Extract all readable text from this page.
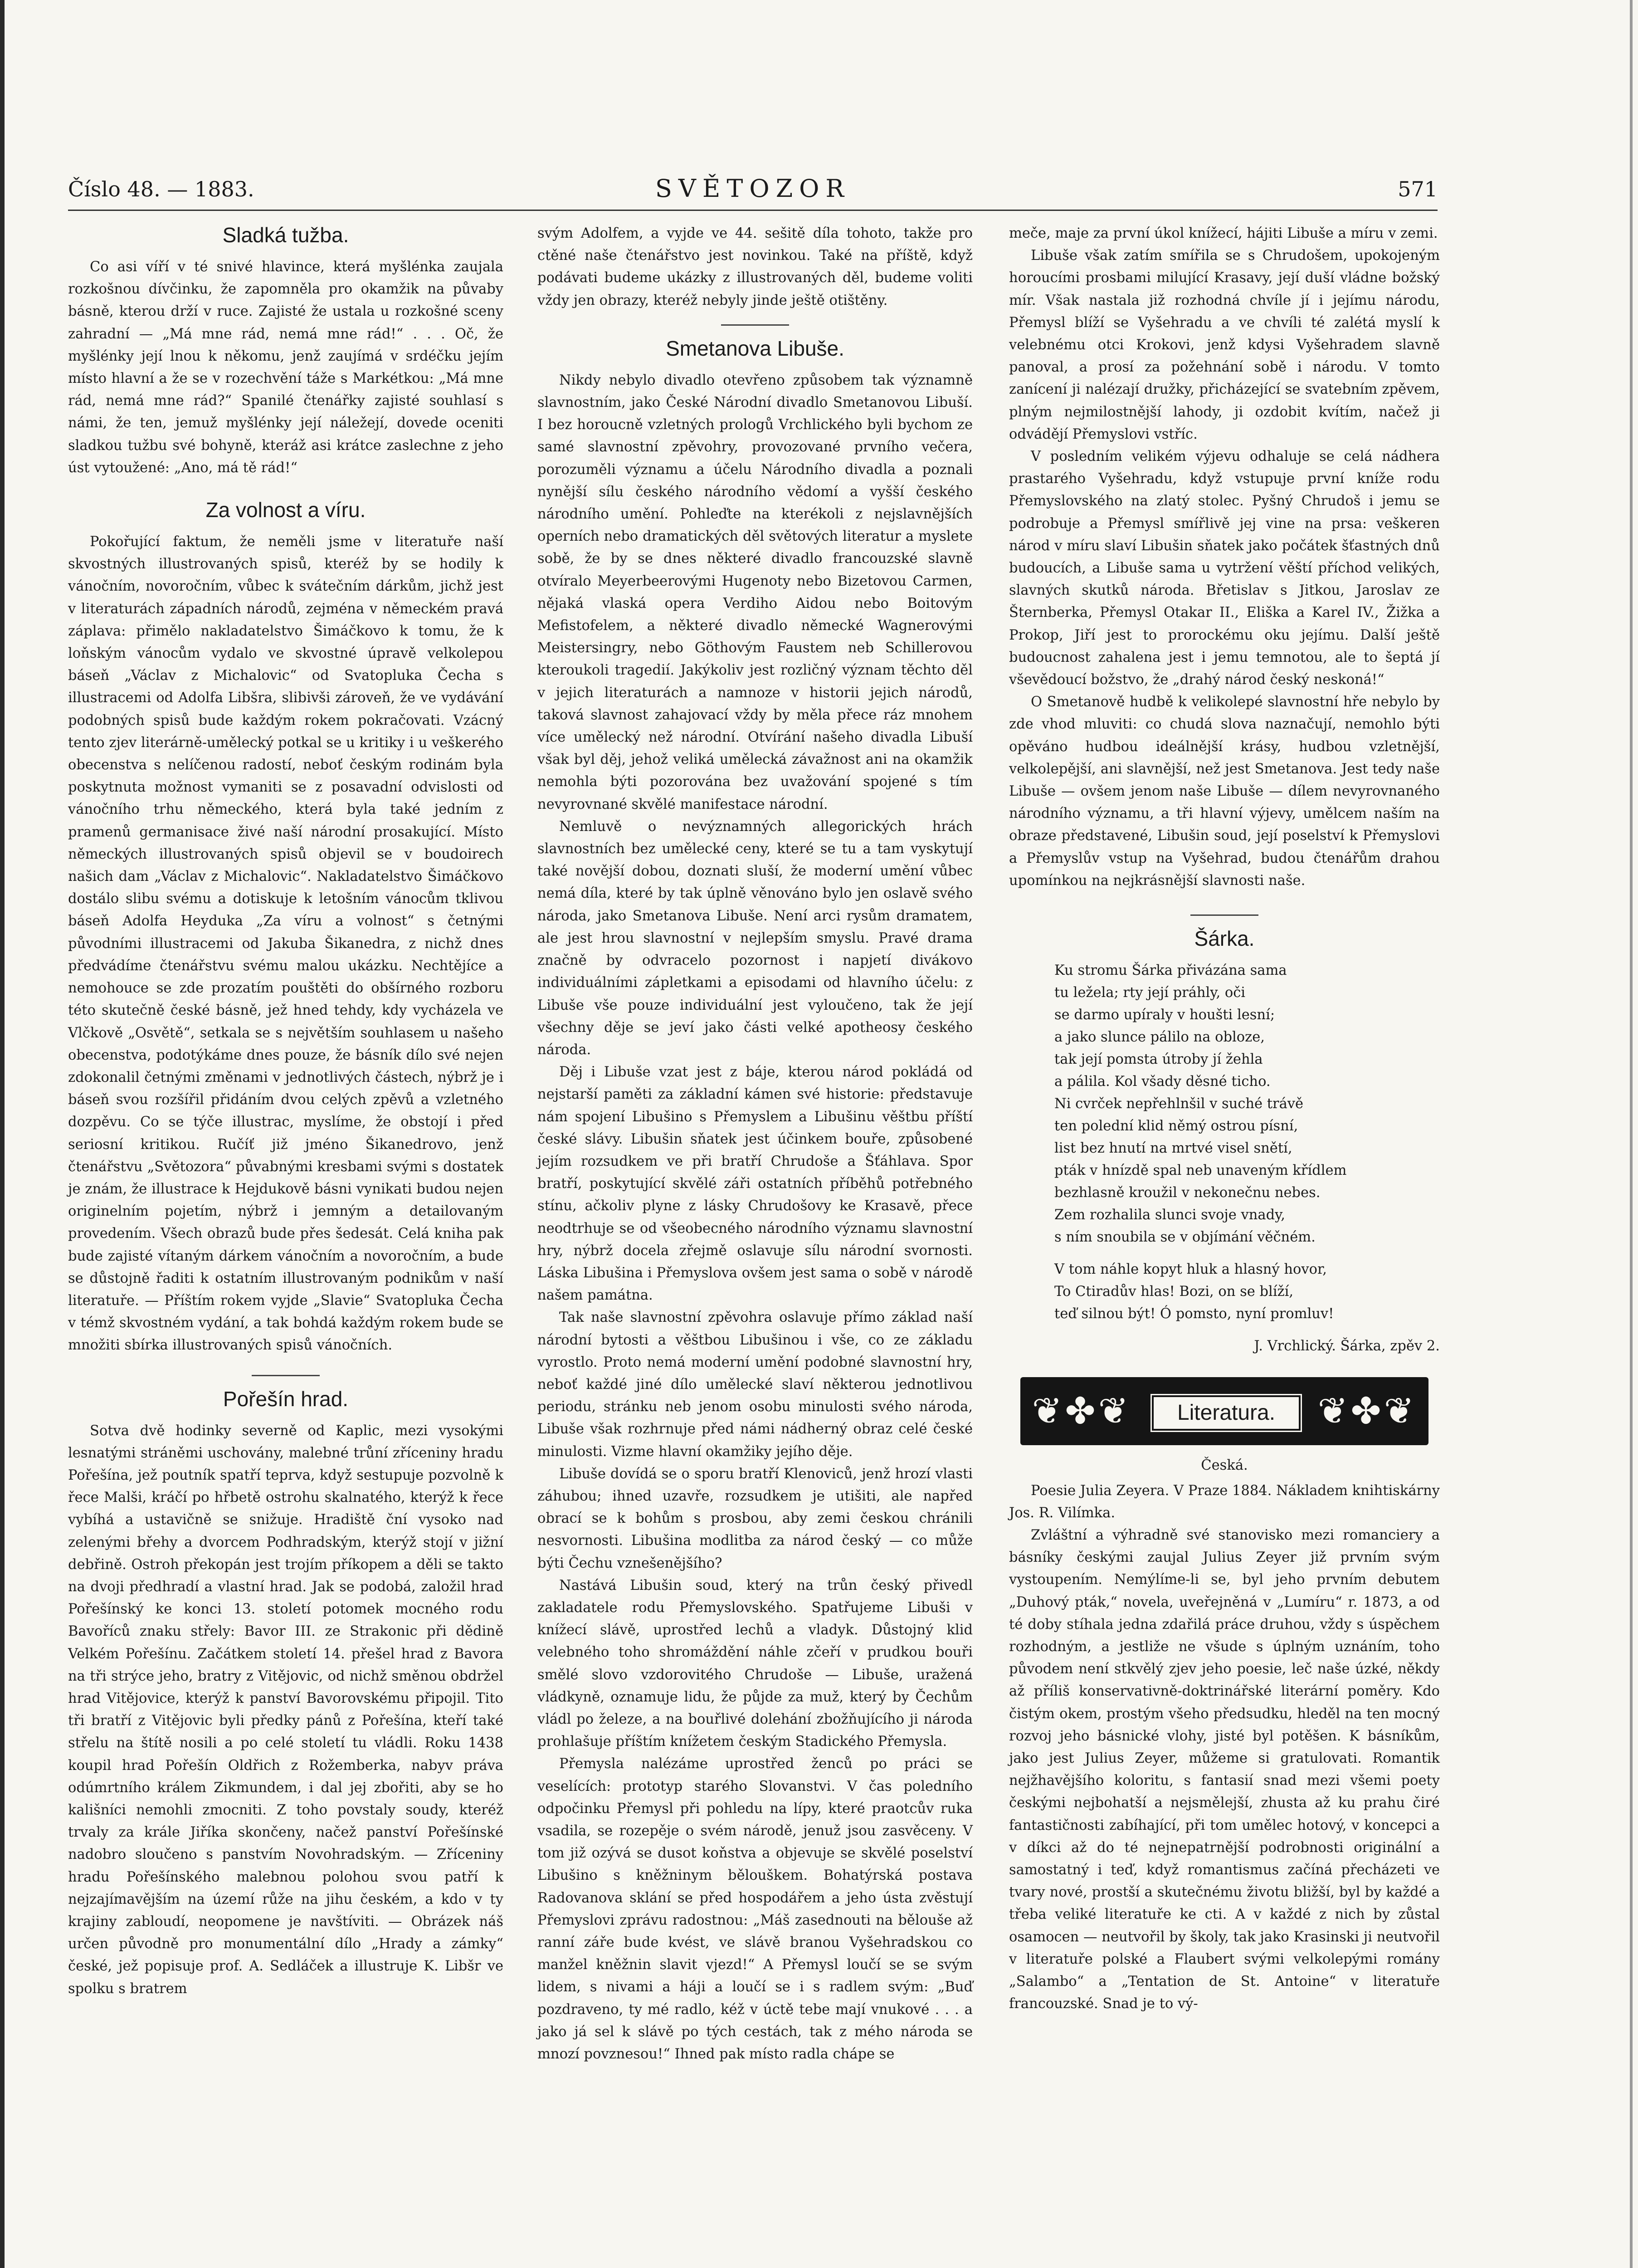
Číslo 48. — 1883.	SVĚTOZOR	571
Sladká tužba.

Co asi víří v té snivé hlavince, která myšlénka zaujala rozkošnou dívčinku, že zapomněla pro okamžik na půvaby básně, kterou drží v ruce. Zajisté že ustala u rozkošné sceny zahradní — „Má mne rád, nemá mne rád!“ . . . Oč, že myšlénky její lnou k někomu, jenž zaujímá v srdéčku jejím místo hlavní a že se v rozechvění táže s Markétkou: „Má mne rád, nemá mne rád?“ Spanilé čtenářky zajisté souhlasí s námi, že ten, jemuž myšlénky její náležejí, dovede oceniti sladkou tužbu své bohyně, kteráž asi krátce zaslechne z jeho úst vytoužené: „Ano, má tě rád!“

Za volnost a víru.

Pokořující faktum, že neměli jsme v literatuře naší skvostných illustrovaných spisů, kteréž by se hodily k vánočním, novoročním, vůbec k svátečním dárkům, jichž jest v literaturách západních národů, zejména v německém pravá záplava: přimělo nakladatelstvo Šimáčkovo k tomu, že k loňským vánocům vydalo ve skvostné úpravě velkolepou báseň „Václav z Michalovic“ od Svatopluka Čecha s illustracemi od Adolfa Libšra, slibivši zároveň, že ve vydávání podobných spisů bude každým rokem pokračovati. Vzácný tento zjev literárně-umělecký potkal se u kritiky i u veškerého obecenstva s nelíčenou radostí, neboť českým rodinám byla poskytnuta možnost vymaniti se z posavadní odvislosti od vánočního trhu německého, která byla také jedním z pramenů germanisace živé naší národní prosakující. Místo německých illustrovaných spisů objevil se v boudoirech našich dam „Václav z Michalovic“. Nakladatelstvo Šimáčkovo dostálo slibu svému a dotiskuje k letošním vánocům tklivou báseň Adolfa Heyduka „Za víru a volnost“ s četnými původními illustracemi od Jakuba Šikanedra, z nichž dnes předvádíme čtenářstvu svému malou ukázku. Nechtějíce a nemohouce se zde prozatím pouštěti do obšírného rozboru této skutečně české básně, jež hned tehdy, kdy vycházela ve Vlčkově „Osvětě“, setkala se s největším souhlasem u našeho obecenstva, podotýkáme dnes pouze, že básník dílo své nejen zdokonalil četnými změnami v jednotlivých částech, nýbrž je i báseň svou rozšířil přidáním dvou celých zpěvů a vzletného dozpěvu. Co se týče illustrac, myslíme, že obstojí i před seriosní kritikou. Ručíť již jméno Šikanedrovo, jenž čtenářstvu „Světozora“ půvabnými kresbami svými s dostatek je znám, že illustrace k Hejdukově básni vynikati budou nejen originelním pojetím, nýbrž i jemným a detailovaným provedením. Všech obrazů bude přes šedesát. Celá kniha pak bude zajisté vítaným dárkem vánočním a novoročním, a bude se důstojně řaditi k ostatním illustrovaným podnikům v naší literatuře. — Příštím rokem vyjde „Slavie“ Svatopluka Čecha v témž skvostném vydání, a tak bohdá každým rokem bude se množiti sbírka illustrovaných spisů vánočních.

Pořešín hrad.

Sotva dvě hodinky severně od Kaplic, mezi vysokými lesnatými stráněmi uschovány, malebné trůní zříceniny hradu Pořešína, jež poutník spatří teprva, když sestupuje pozvolně k řece Malši, kráčí po hřbetě ostrohu skalnatého, kterýž k řece vybíhá a ustavičně se snižuje. Hradiště ční vysoko nad zelenými břehy a dvorcem Podhradským, kterýž stojí v jižní debřině. Ostroh překopán jest trojím příkopem a děli se takto na dvoji předhradí a vlastní hrad. Jak se podobá, založil hrad Pořešínský ke konci 13. století potomek mocného rodu Bavoříců znaku střely: Bavor III. ze Strakonic při dědině Velkém Pořešínu. Začátkem století 14. přešel hrad z Bavora na tři strýce jeho, bratry z Vitějovic, od nichž směnou obdržel hrad Vitějovice, kterýž k panství Bavorovskému připojil. Tito tři bratří z Vitějovic byli předky pánů z Pořešína, kteří také střelu na štítě nosili a po celé století tu vládli. Roku 1438 koupil hrad Pořešín Oldřich z Rožemberka, nabyv práva odúmrtního králem Zikmundem, i dal jej zbořiti, aby se ho kališníci nemohli zmocniti. Z toho povstaly soudy, kteréž trvaly za krále Jiříka skončeny, načež panství Pořešínské nadobro sloučeno s panstvím Novohradským. — Zříceniny hradu Pořešínského malebnou polohou svou patří k nejzajímavějším na území růže na jihu českém, a kdo v ty krajiny zabloudí, neopomene je navštíviti. — Obrázek náš určen původně pro monumentální dílo „Hrady a zámky“ české, jež popisuje prof. A. Sedláček a illustruje K. Libšr ve spolku s bratrem

svým Adolfem, a vyjde ve 44. sešitě díla tohoto, takže pro ctěné naše čtenářstvo jest novinkou. Také na příště, když podávati budeme ukázky z illustrovaných děl, budeme voliti vždy jen obrazy, kteréž nebyly jinde ještě otištěny.

Smetanova Libuše.

Nikdy nebylo divadlo otevřeno způsobem tak významně slavnostním, jako České Národní divadlo Smetanovou Libuší. I bez horoucně vzletných prologů Vrchlického byli bychom ze samé slavnostní zpěvohry, provozované prvního večera, porozuměli významu a účelu Národního divadla a poznali nynější sílu českého národního vědomí a vyšší českého národního umění. Pohleďte na kterékoli z nejslavnějších operních nebo dramatických děl světových literatur a myslete sobě, že by se dnes některé divadlo francouzské slavně otvíralo Meyerbeerovými Hugenoty nebo Bizetovou Carmen, nějaká vlaská opera Verdiho Aidou nebo Boitovým Mefistofelem, a některé divadlo německé Wagnerovými Meistersingry, nebo Göthovým Faustem neb Schillerovou kteroukoli tragedií. Jakýkoliv jest rozličný význam těchto děl v jejich literaturách a namnoze v historii jejich národů, taková slavnost zahajovací vždy by měla přece ráz mnohem více umělecký než národní. Otvírání našeho divadla Libuší však byl děj, jehož veliká umělecká závažnost ani na okamžik nemohla býti pozorována bez uvažování spojené s tím nevyrovnané skvělé manifestace národní.

Nemluvě o nevýznamných allegorických hrách slavnostních bez umělecké ceny, které se tu a tam vyskytují také novější dobou, doznati sluší, že moderní umění vůbec nemá díla, které by tak úplně věnováno bylo jen oslavě svého národa, jako Smetanova Libuše. Není arci rysům dramatem, ale jest hrou slavnostní v nejlepším smyslu. Pravé drama značně by odvracelo pozornost i napjetí divákovo individuálními zápletkami a episodami od hlavního účelu: z Libuše vše pouze individuální jest vyloučeno, tak že její všechny děje se jeví jako části velké apotheosy českého národa.

Děj i Libuše vzat jest z báje, kterou národ pokládá od nejstarší paměti za základní kámen své historie: představuje nám spojení Libušino s Přemyslem a Libušinu věštbu příští české slávy. Libušin sňatek jest účinkem bouře, způsobené jejím rozsudkem ve při bratří Chrudoše a Šťáhlava. Spor bratří, poskytující skvělé záři ostatních příběhů potřebného stínu, ačkoliv plyne z lásky Chrudošovy ke Krasavě, přece neodtrhuje se od všeobecného národního významu slavnostní hry, nýbrž docela zřejmě oslavuje sílu národní svornosti. Láska Libušina i Přemyslova ovšem jest sama o sobě v národě našem památna.

Tak naše slavnostní zpěvohra oslavuje přímo základ naší národní bytosti a věštbou Libušinou i vše, co ze základu vyrostlo. Proto nemá moderní umění podobné slavnostní hry, neboť každé jiné dílo umělecké slaví některou jednotlivou periodu, stránku neb jenom osobu minulosti svého národa, Libuše však rozhrnuje před námi nádherný obraz celé české minulosti. Vizme hlavní okamžiky jejího děje.

Libuše dovídá se o sporu bratří Klenoviců, jenž hrozí vlasti záhubou; ihned uzavře, rozsudkem je utišiti, ale napřed obrací se k bohům s prosbou, aby zemi českou chránili nesvornosti. Libušina modlitba za národ český — co může býti Čechu vznešenějšího?

Nastává Libušin soud, který na trůn český přivedl zakladatele rodu Přemyslovského. Spatřujeme Libuši v knížecí slávě, uprostřed lechů a vladyk. Důstojný klid velebného toho shromáždění náhle zčeří v prudkou bouři smělé slovo vzdorovitého Chrudoše — Libuše, uražená vládkyně, oznamuje lidu, že půjde za muž, který by Čechům vládl po železe, a na bouřlivé dolehání zbožňujícího ji národa prohlašuje příštím knížetem českým Stadického Přemysla.

Přemysla nalézáme uprostřed ženců po práci se veselících: prototyp starého Slovanstvi. V čas poledního odpočinku Přemysl při pohledu na lípy, které praotcův ruka vsadila, se rozepěje o svém národě, jenuž jsou zasvěceny. V tom již ozývá se dusot koňstva a objevuje se skvělé poselství Libušino s kněžninym bělouškem. Bohatýrská postava Radovanova sklání se před hospodářem a jeho ústa zvěstují Přemyslovi zprávu radostnou: „Máš zasednouti na bělouše až ranní záře bude kvést, ve slávě branou Vyšehradskou co manžel kněžnin slavit vjezd!“ A Přemysl loučí se se svým lidem, s nivami a háji a loučí se i s radlem svým: „Buď pozdraveno, ty mé radlo, kéž v úctě tebe mají vnukové . . . a jako já sel k slávě po tých cestách, tak z mého národa se mnozí povznesou!“ Ihned pak místo radla chápe se

meče, maje za první úkol knížecí, hájiti Libuše a míru v zemi.

Libuše však zatím smířila se s Chrudošem, upokojeným horoucími prosbami milující Krasavy, její duší vládne božský mír. Však nastala již rozhodná chvíle jí i jejímu národu, Přemysl blíží se Vyšehradu a ve chvíli té zalétá myslí k velebnému otci Krokovi, jenž kdysi Vyšehradem slavně panoval, a prosí za požehnání sobě i národu. V tomto zanícení ji nalézají družky, přicházející se svatebním zpěvem, plným nejmilostnější lahody, ji ozdobit kvítím, načež ji odvádějí Přemyslovi vstříc.

V posledním velikém výjevu odhaluje se celá nádhera prastarého Vyšehradu, když vstupuje první kníže rodu Přemyslovského na zlatý stolec. Pyšný Chrudoš i jemu se podrobuje a Přemysl smířlivě jej vine na prsa: veškeren národ v míru slaví Libušin sňatek jako počátek šťastných dnů budoucích, a Libuše sama u vytržení věští příchod velikých, slavných skutků národa. Břetislav s Jitkou, Jaroslav ze Šternberka, Přemysl Otakar II., Eliška a Karel IV., Žižka a Prokop, Jiří jest to prorockému oku jejímu. Další ještě budoucnost zahalena jest i jemu temnotou, ale to šeptá jí vševědoucí božstvo, že „drahý národ český neskoná!“

O Smetanově hudbě k velikolepé slavnostní hře nebylo by zde vhod mluviti: co chudá slova naznačují, nemohlo býti opěváno hudbou ideálnější krásy, hudbou vzletnější, velkolepější, ani slavnější, než jest Smetanova. Jest tedy naše Libuše — ovšem jenom naše Libuše — dílem nevyrovnaného národního významu, a tři hlavní výjevy, umělcem naším na obraze představené, Libušin soud, její poselství k Přemyslovi a Přemyslův vstup na Vyšehrad, budou čtenářům drahou upomínkou na nejkrásnější slavnosti naše.

Šárka.
Ku stromu Šárka přivázána sama
tu ležela; rty její práhly, oči
se darmo upíraly v houšti lesní;
a jako slunce pálilo na obloze,
tak její pomsta útroby jí žehla
a pálila. Kol všady děsné ticho.
Ni cvrček nepřehlnšil v suché trávě
ten polední klid němý ostrou písní,
list bez hnutí na mrtvé visel snětí,
pták v hnízdě spal neb unaveným křídlem
bezhlasně kroužil v nekonečnu nebes.
Zem rozhalila slunci svoje vnady,
s ním snoubila se v objímání věčném.
V tom náhle kopyt hluk a hlasný hovor,
To Ctiradův hlas! Bozi, on se blíží,
teď silnou být! Ó pomsto, nyní promluv!
J. Vrchlický. Šárka, zpěv 2.
❦✤❦	Literatura.	❦✤❦
Česká.

Poesie Julia Zeyera. V Praze 1884. Nákladem knihtiskárny Jos. R. Vilímka.

Zvláštní a výhradně své stanovisko mezi romanciery a básníky českými zaujal Julius Zeyer již prvním svým vystoupením. Nemýlíme-li se, byl jeho prvním debutem „Duhový pták,“ novela, uveřejněná v „Lumíru“ r. 1873, a od té doby stíhala jedna zdařilá práce druhou, vždy s úspěchem rozhodným, a jestliže ne všude s úplným uznáním, toho původem není stkvělý zjev jeho poesie, leč naše úzké, někdy až příliš konservativně-doktrinářské literární poměry. Kdo čistým okem, prostým všeho předsudku, hleděl na ten mocný rozvoj jeho básnické vlohy, jisté byl potěšen. K básníkům, jako jest Julius Zeyer, můžeme si gratulovati. Romantik nejžhavějšího koloritu, s fantasií snad mezi všemi poety českými nejbohatší a nejsmělejší, zhusta až ku prahu čiré fantastičnosti zabíhající, při tom umělec hotový, v koncepci a v díkci až do té nejnepatrnější podrobnosti originální a samostatný i teď, když romantismus začíná přecházeti ve tvary nové, prostší a skutečnému životu bližší, byl by každé a třeba veliké literatuře ke cti. A v každé z nich by zůstal osamocen — neutvořil by školy, tak jako Krasinski ji neutvořil v literatuře polské a Flaubert svými velkolepými romány „Salambo“ a „Tentation de St. Antoine“ v literatuře francouzské. Snad je to vý-
